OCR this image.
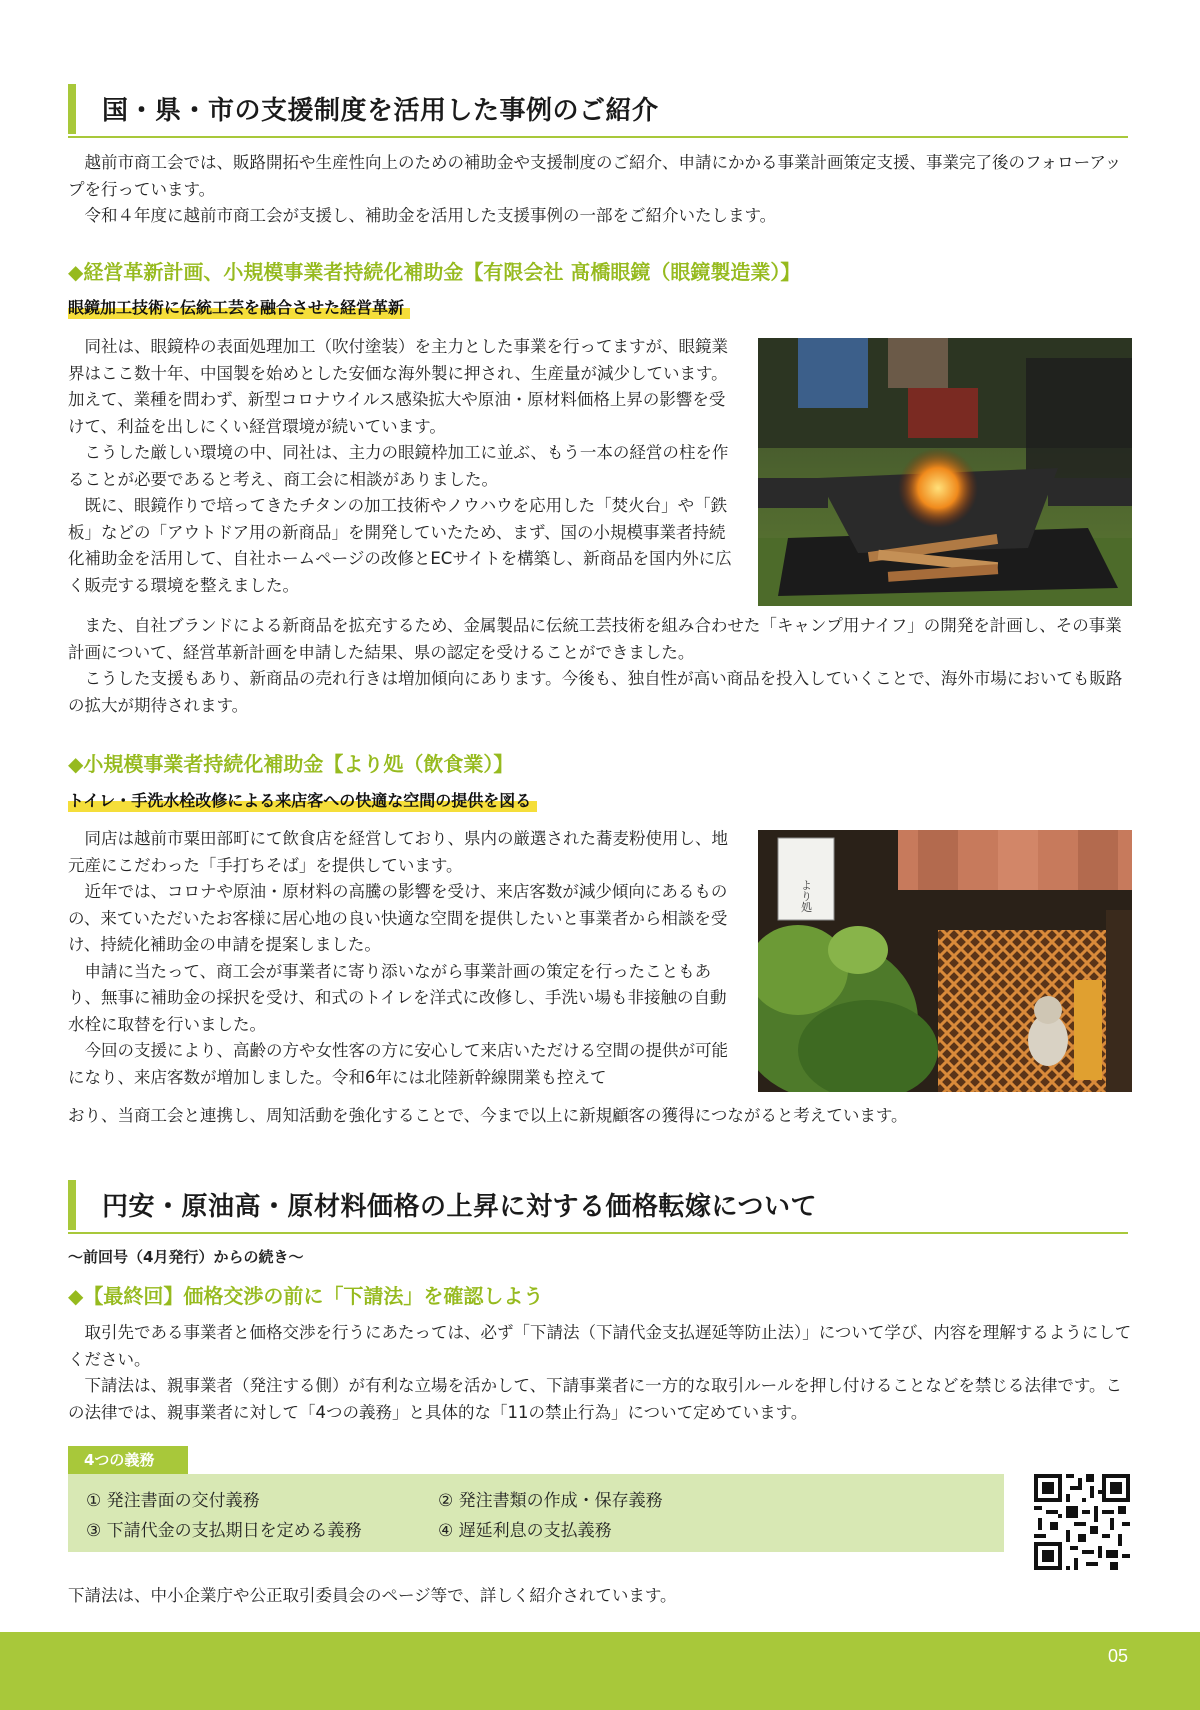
国・県・市の支援制度を活用した事例のご紹介

越前市商工会では、販路開拓や生産性向上のための補助金や支援制度のご紹介、申請にかかる事業計画策定支援、事業完了後のフォローアップを行っています。

令和４年度に越前市商工会が支援し、補助金を活用した支援事例の一部をご紹介いたします。

◆経営革新計画、小規模事業者持続化補助金【有限会社 髙橋眼鏡（眼鏡製造業）】
眼鏡加工技術に伝統工芸を融合させた経営革新

同社は、眼鏡枠の表面処理加工（吹付塗装）を主力とした事業を行ってますが、眼鏡業界はここ数十年、中国製を始めとした安価な海外製に押され、生産量が減少しています。加えて、業種を問わず、新型コロナウイルス感染拡大や原油・原材料価格上昇の影響を受けて、利益を出しにくい経営環境が続いています。

こうした厳しい環境の中、同社は、主力の眼鏡枠加工に並ぶ、もう一本の経営の柱を作ることが必要であると考え、商工会に相談がありました。

既に、眼鏡作りで培ってきたチタンの加工技術やノウハウを応用した「焚火台」や「鉄板」などの「アウトドア用の新商品」を開発していたため、まず、国の小規模事業者持続化補助金を活用して、自社ホームページの改修とECサイトを構築し、新商品を国内外に広く販売する環境を整えました。

また、自社ブランドによる新商品を拡充するため、金属製品に伝統工芸技術を組み合わせた「キャンプ用ナイフ」の開発を計画し、その事業計画について、経営革新計画を申請した結果、県の認定を受けることができました。

こうした支援もあり、新商品の売れ行きは増加傾向にあります。今後も、独自性が高い商品を投入していくことで、海外市場においても販路の拡大が期待されます。

◆小規模事業者持続化補助金【より処（飲食業）】
トイレ・手洗水栓改修による来店客への快適な空間の提供を図る

同店は越前市粟田部町にて飲食店を経営しており、県内の厳選された蕎麦粉使用し、地元産にこだわった「手打ちそば」を提供しています。

近年では、コロナや原油・原材料の高騰の影響を受け、来店客数が減少傾向にあるものの、来ていただいたお客様に居心地の良い快適な空間を提供したいと事業者から相談を受け、持続化補助金の申請を提案しました。

申請に当たって、商工会が事業者に寄り添いながら事業計画の策定を行ったこともあり、無事に補助金の採択を受け、和式のトイレを洋式に改修し、手洗い場も非接触の自動水栓に取替を行いました。

今回の支援により、高齢の方や女性客の方に安心して来店いただける空間の提供が可能になり、来店客数が増加しました。令和6年には北陸新幹線開業も控えて

より処
おり、当商工会と連携し、周知活動を強化することで、今まで以上に新規顧客の獲得につながると考えています。
円安・原油高・原材料価格の上昇に対する価格転嫁について
〜前回号（4月発行）からの続き〜
◆【最終回】価格交渉の前に「下請法」を確認しよう

取引先である事業者と価格交渉を行うにあたっては、必ず「下請法（下請代金支払遅延等防止法）」について学び、内容を理解するようにしてください。

下請法は、親事業者（発注する側）が有利な立場を活かして、下請事業者に一方的な取引ルールを押し付けることなどを禁じる法律です。この法律では、親事業者に対して「4つの義務」と具体的な「11の禁止行為」について定めています。

4つの義務
① 発注書面の交付義務	② 発注書類の作成・保存義務
③ 下請代金の支払期日を定める義務	④ 遅延利息の支払義務
下請法は、中小企業庁や公正取引委員会のページ等で、詳しく紹介されています。
05
